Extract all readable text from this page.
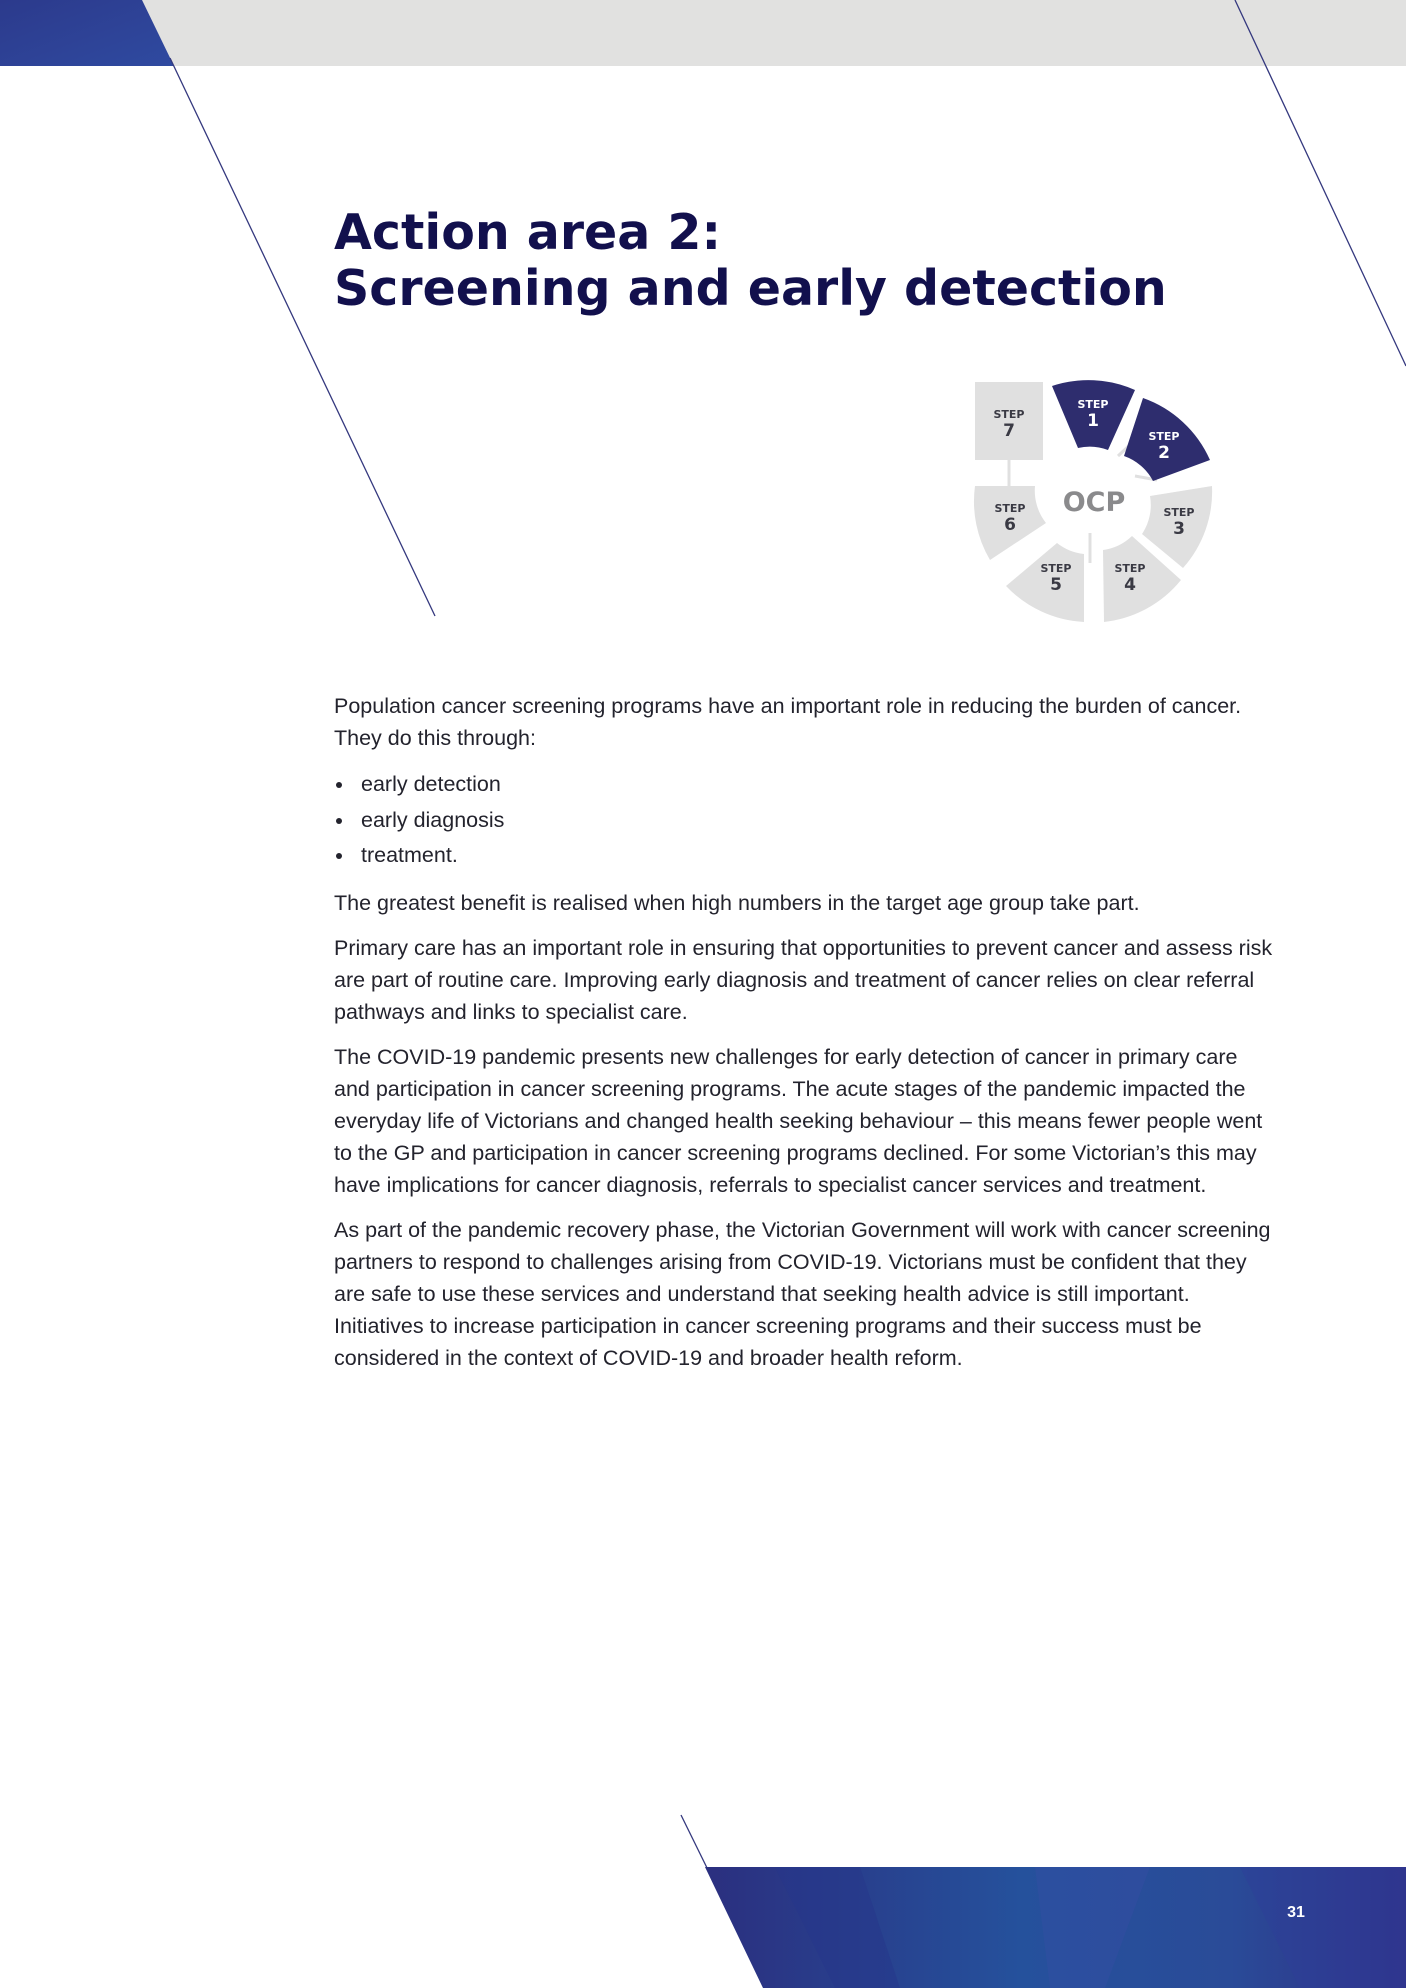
Action area 2:
Screening and early detection
OCP
STEP
1
STEP
2
STEP
3
STEP
4
STEP
5
STEP
6
STEP
7

Population cancer screening programs have an important role in reducing the burden of cancer. They do this through:

early detection
early diagnosis
treatment.

The greatest benefit is realised when high numbers in the target age group take part.

Primary care has an important role in ensuring that opportunities to prevent cancer and assess risk are part of routine care. Improving early diagnosis and treatment of cancer relies on clear referral pathways and links to specialist care.

The COVID-19 pandemic presents new challenges for early detection of cancer in primary care and participation in cancer screening programs. The acute stages of the pandemic impacted the everyday life of Victorians and changed health seeking behaviour – this means fewer people went to the GP and participation in cancer screening programs declined. For some Victorian’s this may have implications for cancer diagnosis, referrals to specialist cancer services and treatment.

As part of the pandemic recovery phase, the Victorian Government will work with cancer screening partners to respond to challenges arising from COVID-19. Victorians must be confident that they are safe to use these services and understand that seeking health advice is still important. Initiatives to increase participation in cancer screening programs and their success must be considered in the context of COVID-19 and broader health reform.

31
